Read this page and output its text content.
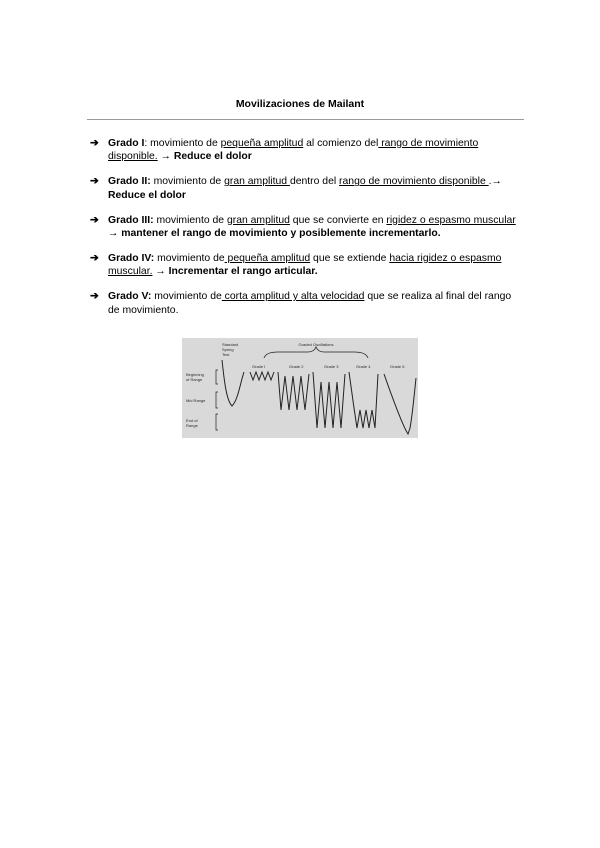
Movilizaciones de Mailant
➔ Grado I: movimiento de pequeña amplitud al comienzo del rango de movimiento disponible. → Reduce el dolor
➔ Grado II: movimiento de gran amplitud dentro del rango de movimiento disponible .→ Reduce el dolor
➔ Grado III: movimiento de gran amplitud que se convierte en rigidez o espasmo muscular → mantener el rango de movimiento y posiblemente incrementarlo.
➔ Grado IV: movimiento de pequeña amplitud que se extiende hacia rigidez o espasmo muscular. → Incrementar el rango articular.
➔ Grado V: movimiento de corta amplitud y alta velocidad que se realiza al final del rango de movimiento.
Graded Oscillations
Standard
Spring
Test
Grade I	Grade 2	Grade 3	Grade 4	Grade 5
Beginning
of Range
Mid Range
End of
Range
